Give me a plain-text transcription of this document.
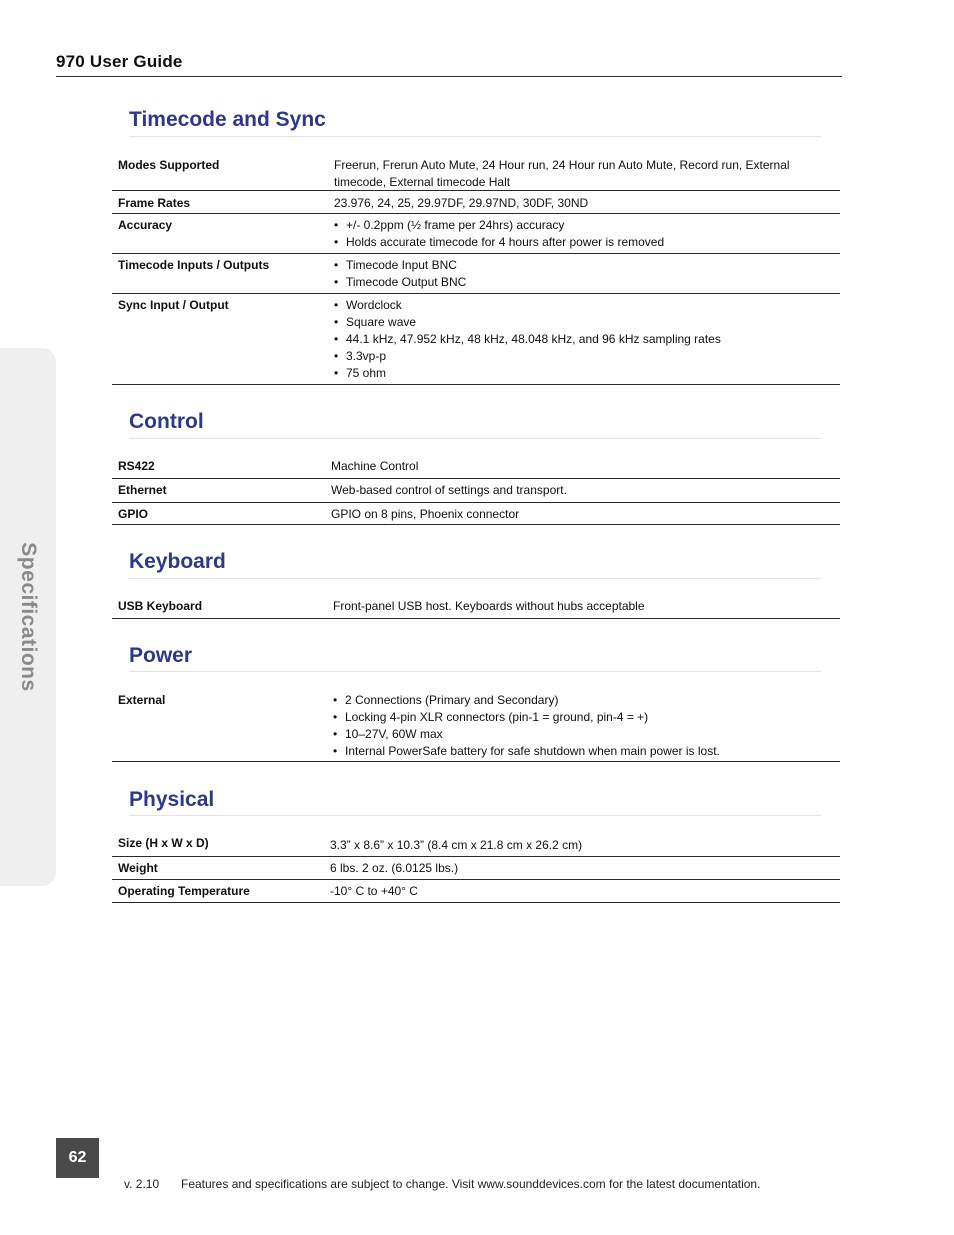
970 User Guide
Specifications
Timecode and Sync
Modes Supported	Freerun, Frerun Auto Mute, 24 Hour run, 24 Hour run Auto Mute, Record run, External timecode, External timecode Halt
Frame Rates	23.976, 24, 25, 29.97DF, 29.97ND, 30DF, 30ND
Accuracy	• +/- 0.2ppm (½ frame per 24hrs) accuracy
• Holds accurate timecode for 4 hours after power is removed
Timecode Inputs / Outputs	• Timecode Input BNC
• Timecode Output BNC
Sync Input / Output	• Wordclock
• Square wave
• 44.1 kHz, 47.952 kHz, 48 kHz, 48.048 kHz, and 96 kHz sampling rates
• 3.3vp-p
• 75 ohm
Control
RS422	Machine Control
Ethernet	Web-based control of settings and transport.
GPIO	GPIO on 8 pins, Phoenix connector
Keyboard
USB Keyboard	Front-panel USB host. Keyboards without hubs acceptable
Power
External	• 2 Connections (Primary and Secondary)
• Locking 4-pin XLR connectors (pin-1 = ground, pin-4 = +)
• 10–27V, 60W max
• Internal PowerSafe battery for safe shutdown when main power is lost.
Physical
Size (H x W x D)	3.3” x 8.6” x 10.3” (8.4 cm x 21.8 cm x 26.2 cm)
Weight	6 lbs. 2 oz. (6.0125 lbs.)
Operating Temperature	-10° C to +40° C
62
v. 2.10 Features and specifications are subject to change. Visit www.sounddevices.com for the latest documentation.
